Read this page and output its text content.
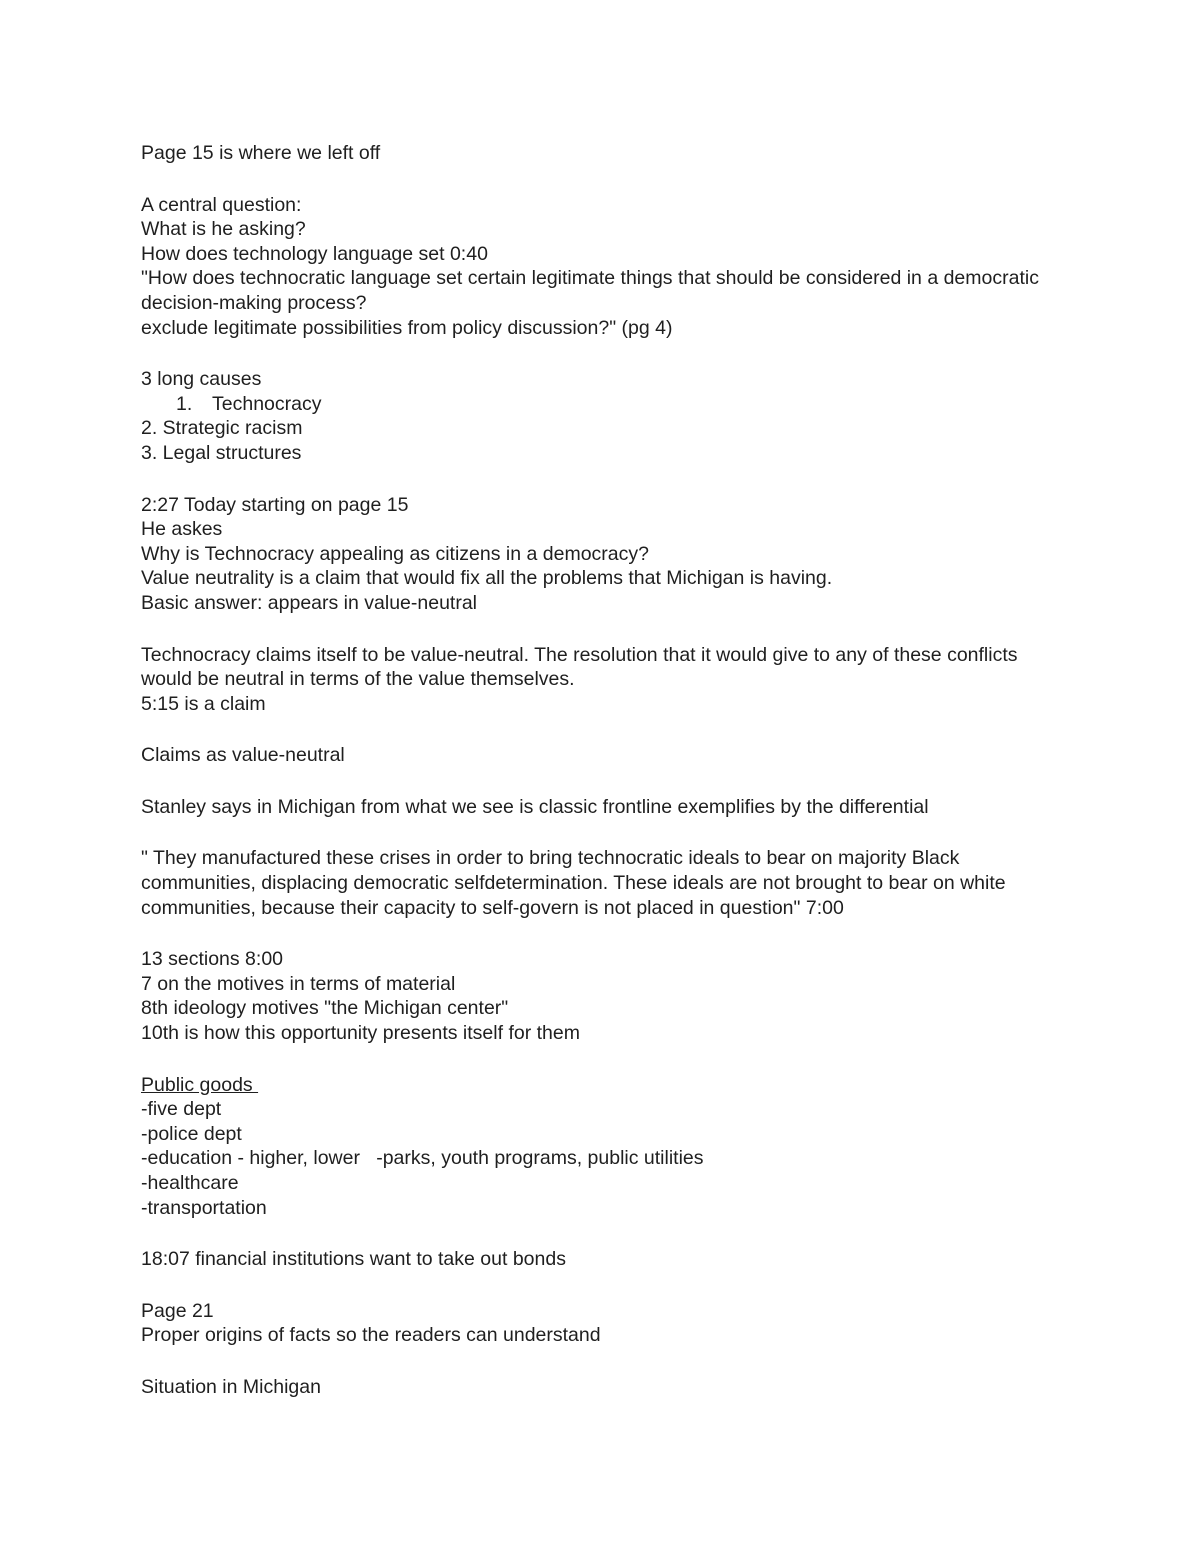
Page 15 is where we left off

A central question:

What is he asking?

How does technology language set 0:40

"How does technocratic language set certain legitimate things that should be considered in a democratic decision-making process?

exclude legitimate possibilities from policy discussion?" (pg 4)

3 long causes

1. Technocracy

2. Strategic racism

3. Legal structures

2:27 Today starting on page 15

He askes

Why is Technocracy appealing as citizens in a democracy?

Value neutrality is a claim that would fix all the problems that Michigan is having.

Basic answer: appears in value-neutral

Technocracy claims itself to be value-neutral. The resolution that it would give to any of these conflicts would be neutral in terms of the value themselves.

5:15 is a claim

Claims as value-neutral

Stanley says in Michigan from what we see is classic frontline exemplifies by the differential

" They manufactured these crises in order to bring technocratic ideals to bear on majority Black communities, displacing democratic selfdetermination. These ideals are not brought to bear on white communities, because their capacity to self-govern is not placed in question" 7:00

13 sections 8:00

7 on the motives in terms of material

8th ideology motives "the Michigan center"

10th is how this opportunity presents itself for them

Public goods

-five dept

-police dept

-education - higher, lower   -parks, youth programs, public utilities

-healthcare

-transportation

18:07 financial institutions want to take out bonds

Page 21

Proper origins of facts so the readers can understand

Situation in Michigan
